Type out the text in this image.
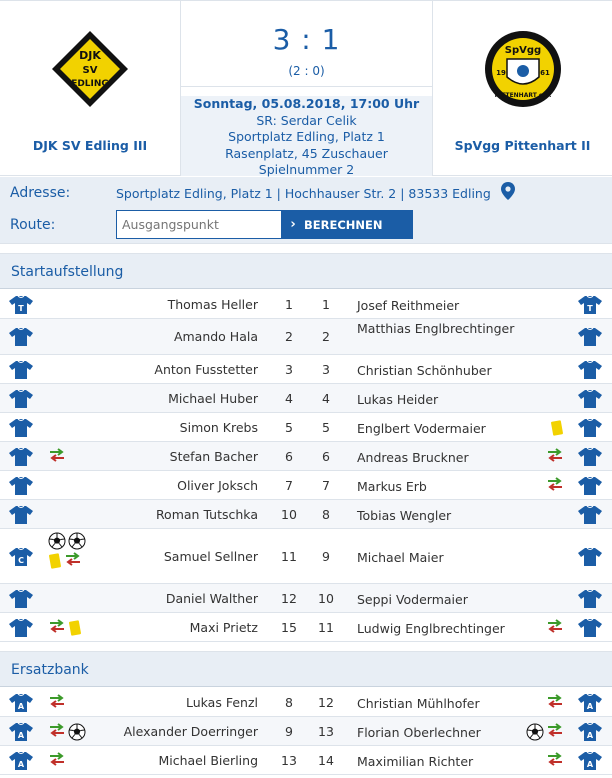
DJK
SV
EDLING
DJK SV Edling III
3 : 1
(2 : 0)
Sonntag, 05.08.2018, 17:00 Uhr
SR: Serdar Celik
Sportplatz Edling, Platz 1
Rasenplatz, 45 Zuschauer
Spielnummer 2
SpVgg
19	61
PITTENHART e.V.
SpVgg Pittenhart II
Adresse:	Sportplatz Edling, Platz 1 | Hochhauser Str. 2 | 83533 Edling
Route:
Ausgangspunkt	› BERECHNEN
Startaufstellung
T	T
Thomas Heller	1	1	Josef Reithmeier
Amando Hala	2	2
Matthias Englbrechtinger
Anton Fusstetter	3	3	Christian Schönhuber
Michael Huber	4	4	Lukas Heider
Simon Krebs	5	5	Englbert Vodermaier
Stefan Bacher	6	6	Andreas Bruckner
Oliver Joksch	7	7	Markus Erb
Roman Tutschka	10	8	Tobias Wengler
C	Samuel Sellner	11	9	Michael Maier
Daniel Walther	12	10	Seppi Vodermaier
Maxi Prietz	15	11	Ludwig Englbrechtinger
Ersatzbank
A	A
Lukas Fenzl	8	12	Christian Mühlhofer
A	A
Alexander Doerringer	9	13	Florian Oberlechner
A	A
Michael Bierling	13	14	Maximilian Richter
